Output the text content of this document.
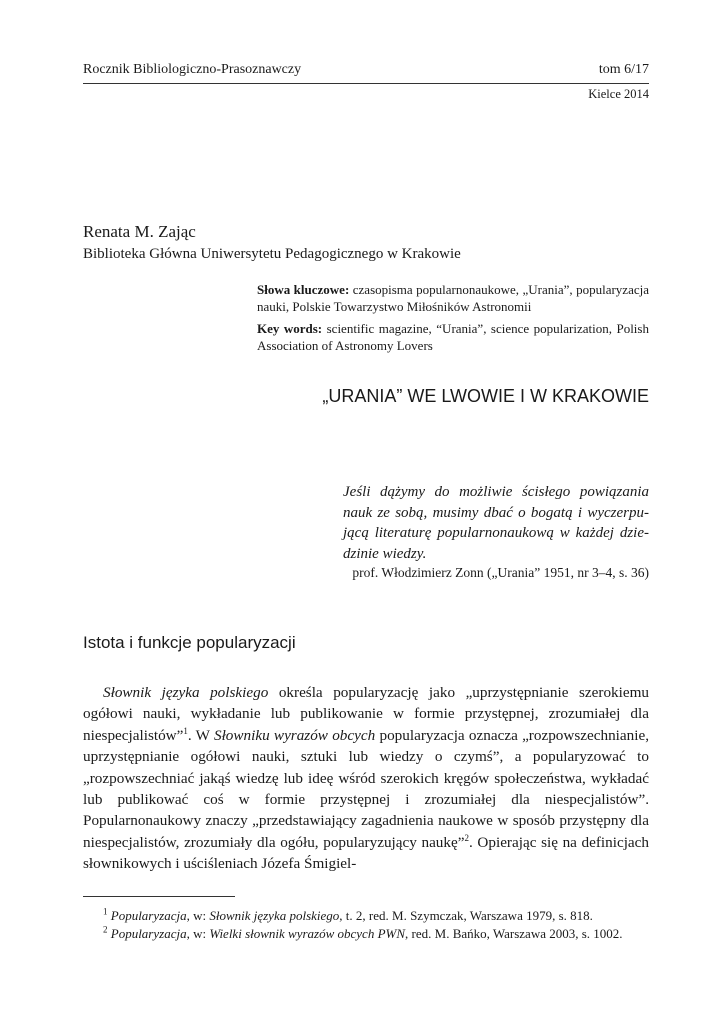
Rocznik Bibliologiczno-Prasoznawczy	tom 6/17
Kielce 2014
Renata M. Zając
Biblioteka Główna Uniwersytetu Pedagogicznego w Krakowie
Słowa kluczowe: czasopisma popularnonaukowe, „Urania”, popularyzacja nauki, Polskie Towarzystwo Miłośników Astronomii
Key words: scientific magazine, “Urania”, science popularization, Polish Association of Astronomy Lovers
„URANIA” WE LWOWIE I W KRAKOWIE
Jeśli dążymy do możliwie ścisłego powiązania nauk ze sobą, musimy dbać o bogatą i wyczerpującą literaturę popularnonaukową w każdej dziedzinie wiedzy.
prof. Włodzimierz Zonn („Urania” 1951, nr 3–4, s. 36)
Istota i funkcje popularyzacji

Słownik języka polskiego określa popularyzację jako „uprzystępnianie szerokiemu ogółowi nauki, wykładanie lub publikowanie w formie przystępnej, zrozumiałej dla niespecjalistów”$^1$. W Słowniku wyrazów obcych popularyzacja oznacza „rozpowszechnianie, uprzystępnianie ogółowi nauki, sztuki lub wiedzy o czymś”, a popularyzować to „rozpowszechniać jakąś wiedzę lub ideę wśród szerokich kręgów społeczeństwa, wykładać lub publikować coś w formie przystępnej i zrozumiałej dla niespecjalistów”. Popularnonaukowy znaczy „przedstawiający zagadnienia naukowe w sposób przystępny dla niespecjalistów, zrozumiały dla ogółu, popularyzujący naukę”$^2$. Opierając się na definicjach słownikowych i uściśleniach Józefa Śmigiel-

$^1$ Popularyzacja, w: Słownik języka polskiego, t. 2, red. M. Szymczak, Warszawa 1979, s. 818.
$^2$ Popularyzacja, w: Wielki słownik wyrazów obcych PWN, red. M. Bańko, Warszawa 2003, s. 1002.
